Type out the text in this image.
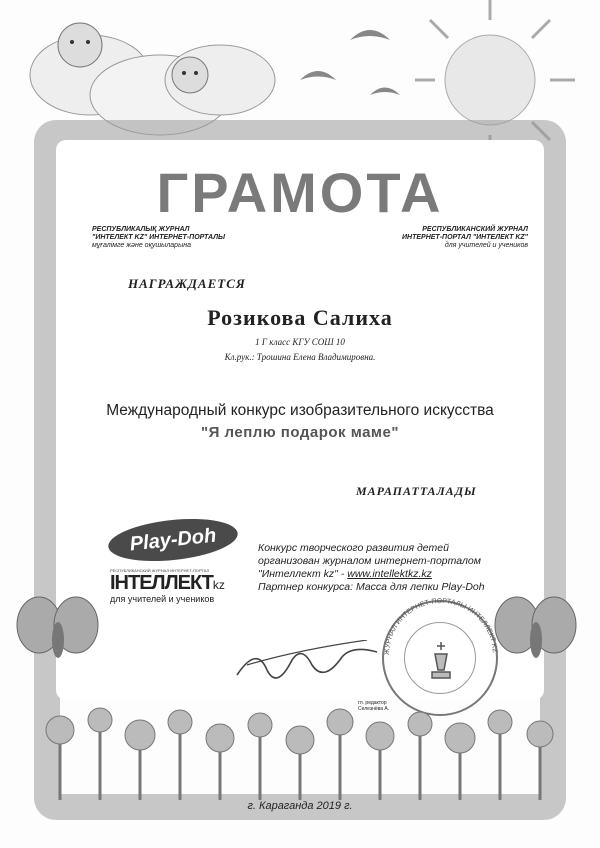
ГРАМОТА
РЕСПУБЛИКАЛЫҚ ЖУРНАЛ
"ИНТЕЛЕКТ KZ" ИНТЕРНЕТ-ПОРТАЛЫ
мұғалімге және оқушыларына
РЕСПУБЛИКАНСКИЙ ЖУРНАЛ
ИНТЕРНЕТ-ПОРТАЛ "ИНТЕЛЕКТ KZ"
для учителей и учеников
НАГРАЖДАЕТСЯ
Розикова Салиха
1 Г класс КГУ СОШ 10
Кл.рук.: Трошина Елена Владимировна.
Международный конкурс изобразительного искусства
"Я леплю подарок маме"
МАРАПАТТАЛАДЫ
Play-Doh
РЕСПУБЛИКАНСКИЙ ЖУРНАЛ ИНТЕРНЕТ-ПОРТАЛ
ІНТЕЛЛЕКТkz
для учителей и учеников
Конкурс творческого развития детей
организован журналом интернет-порталом
"Интеллект kz" - www.intellektkz.kz
Партнер конкурса: Масса для лепки Play-Doh
ЖУРНАЛ ИНТЕРНЕТ-ПОРТАЛЫ ИНТЕЛЛЕКТ KZ
гл. редактор
Селезнёва А.
г. Караганда 2019 г.
